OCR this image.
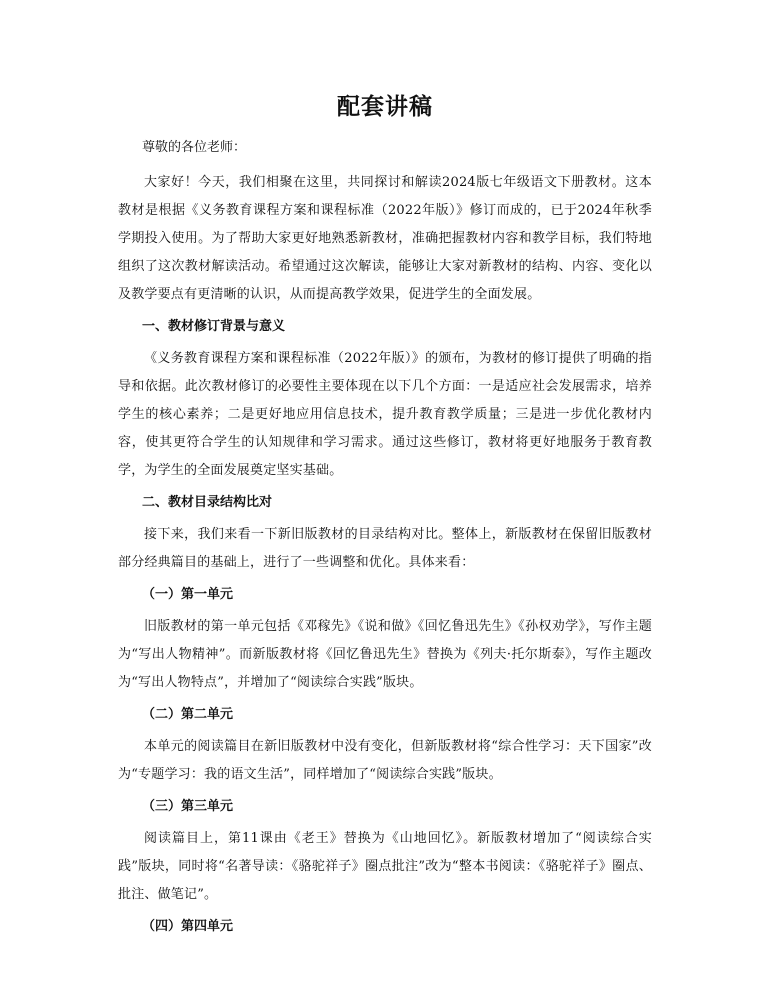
配套讲稿

尊敬的各位老师：

大家好！今天，我们相聚在这里，共同探讨和解读2024版七年级语文下册教材。这本教材是根据《义务教育课程方案和课程标准（2022年版）》修订而成的，已于2024年秋季学期投入使用。为了帮助大家更好地熟悉新教材，准确把握教材内容和教学目标，我们特地组织了这次教材解读活动。希望通过这次解读，能够让大家对新教材的结构、内容、变化以及教学要点有更清晰的认识，从而提高教学效果，促进学生的全面发展。

一、教材修订背景与意义

《义务教育课程方案和课程标准（2022年版）》的颁布，为教材的修订提供了明确的指导和依据。此次教材修订的必要性主要体现在以下几个方面：一是适应社会发展需求，培养学生的核心素养；二是更好地应用信息技术，提升教育教学质量；三是进一步优化教材内容，使其更符合学生的认知规律和学习需求。通过这些修订，教材将更好地服务于教育教学，为学生的全面发展奠定坚实基础。

二、教材目录结构比对

接下来，我们来看一下新旧版教材的目录结构对比。整体上，新版教材在保留旧版教材部分经典篇目的基础上，进行了一些调整和优化。具体来看：

（一）第一单元

旧版教材的第一单元包括《邓稼先》《说和做》《回忆鲁迅先生》《孙权劝学》，写作主题为“写出人物精神”。而新版教材将《回忆鲁迅先生》替换为《列夫·托尔斯泰》，写作主题改为“写出人物特点”，并增加了“阅读综合实践”版块。

（二）第二单元

本单元的阅读篇目在新旧版教材中没有变化，但新版教材将“综合性学习：天下国家”改为“专题学习：我的语文生活”，同样增加了“阅读综合实践”版块。

（三）第三单元

阅读篇目上，第11课由《老王》替换为《山地回忆》。新版教材增加了“阅读综合实践”版块，同时将“名著导读：《骆驼祥子》圈点批注”改为“整本书阅读：《骆驼祥子》圈点、批注、做笔记”。

（四）第四单元
